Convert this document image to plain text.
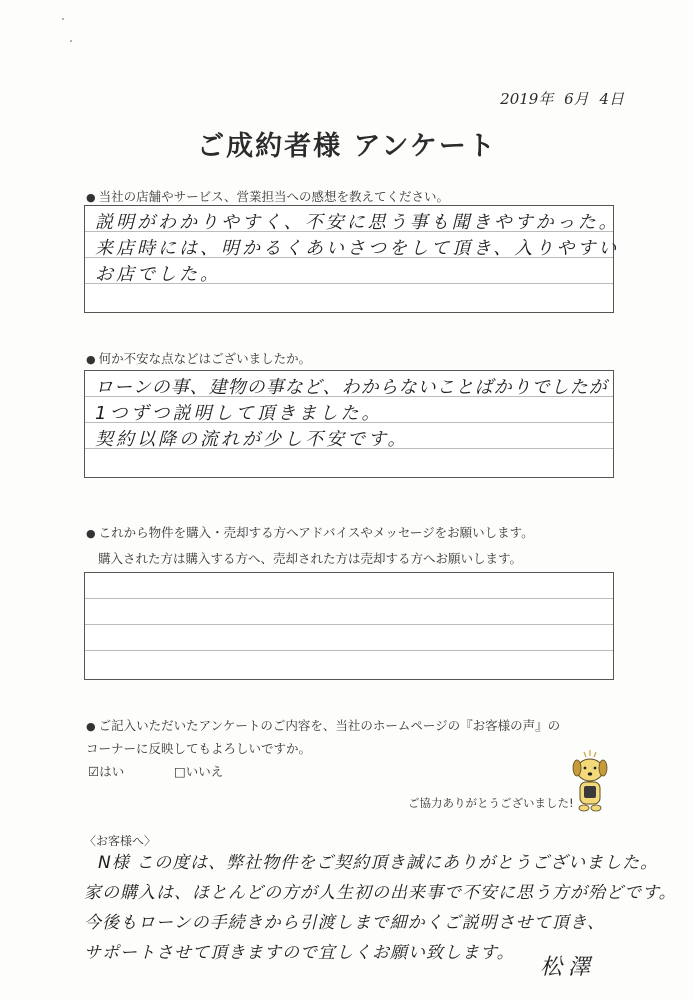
2019年 6月 4日
ご成約者様 アンケート
● 当社の店舗やサービス、営業担当への感想を教えてください。
説明がわかりやすく、不安に思う事も聞きやすかった。
来店時には、明かるくあいさつをして頂き、入りやすい
お店でした。
● 何か不安な点などはございましたか。
ローンの事、建物の事など、わからないことばかりでしたが
1つずつ説明して頂きました。
契約以降の流れが少し不安です。
● これから物件を購入・売却する方へアドバイスやメッセージをお願いします。
購入された方は購入する方へ、売却された方は売却する方へお願いします。
● ご記入いただいたアンケートのご内容を、当社のホームページの『お客様の声』の
コーナーに反映してもよろしいですか。
☑はい	□いいえ
ご協力ありがとうございました!
〈お客様へ〉
N様 この度は、弊社物件をご契約頂き誠にありがとうございました。
家の購入は、ほとんどの方が人生初の出来事で不安に思う方が殆どです。
今後もローンの手続きから引渡しまで細かくご説明させて頂き、
サポートさせて頂きますので宜しくお願い致します。
松澤
